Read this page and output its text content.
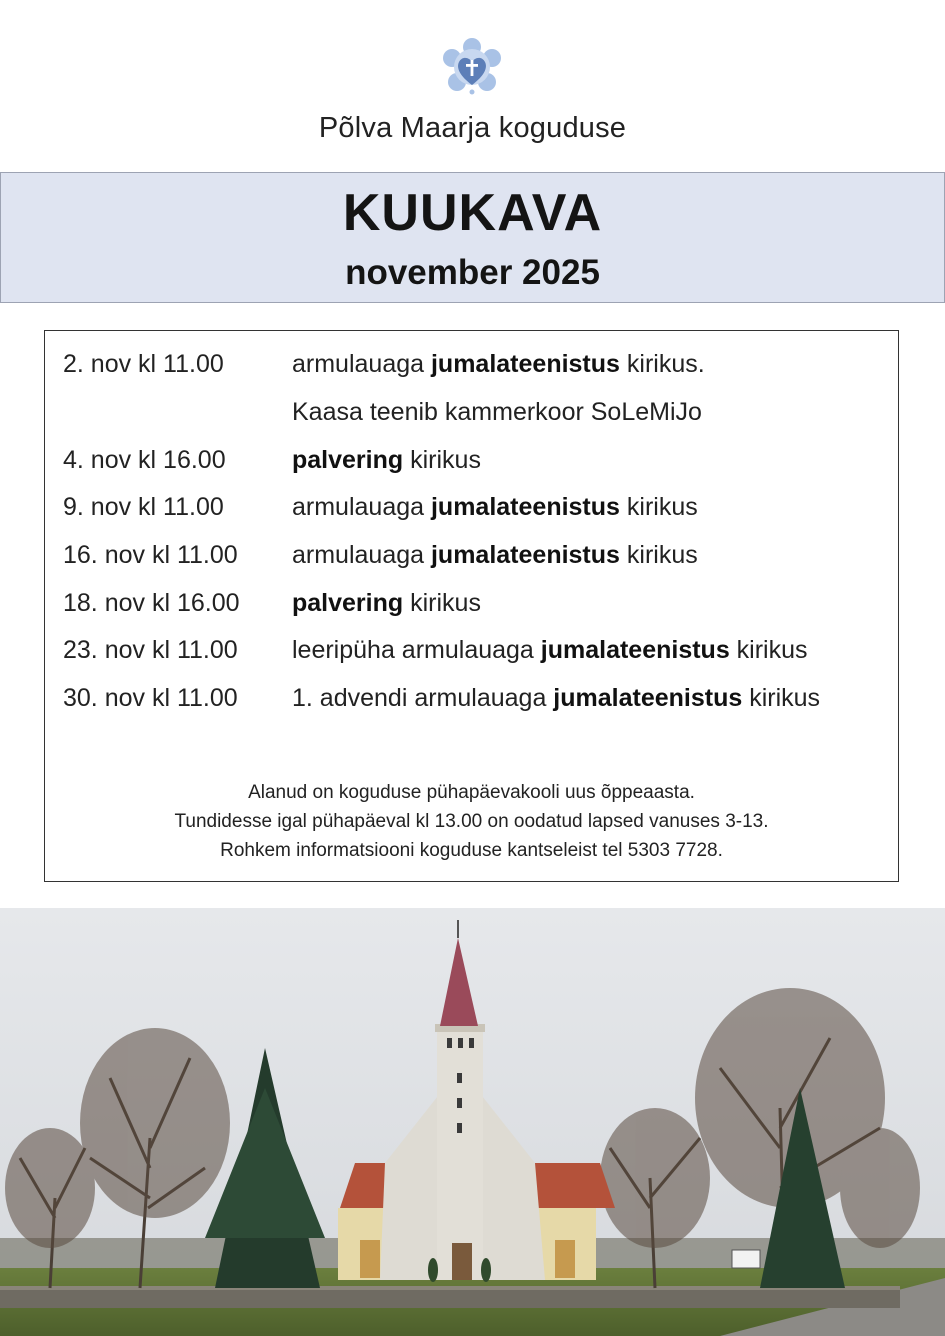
Põlva Maarja koguduse
KUUKAVA
november 2025
2. nov kl 11.00	armulauaga jumalateenistus kirikus.
Kaasa teenib kammerkoor SoLeMiJo
4. nov kl 16.00	palvering kirikus
9. nov kl 11.00	armulauaga jumalateenistus kirikus
16. nov kl 11.00 armulauaga jumalateenistus kirikus
18. nov kl 16.00 palvering kirikus
23. nov kl 11.00 leeripüha armulauaga jumalateenistus kirikus
30. nov kl 11.00 1. advendi armulauaga jumalateenistus kirikus
Alanud on koguduse pühapäevakooli uus õppeaasta.
Tundidesse igal pühapäeval kl 13.00 on oodatud lapsed vanuses 3-13.
Rohkem informatsiooni koguduse kantseleist tel 5303 7728.
